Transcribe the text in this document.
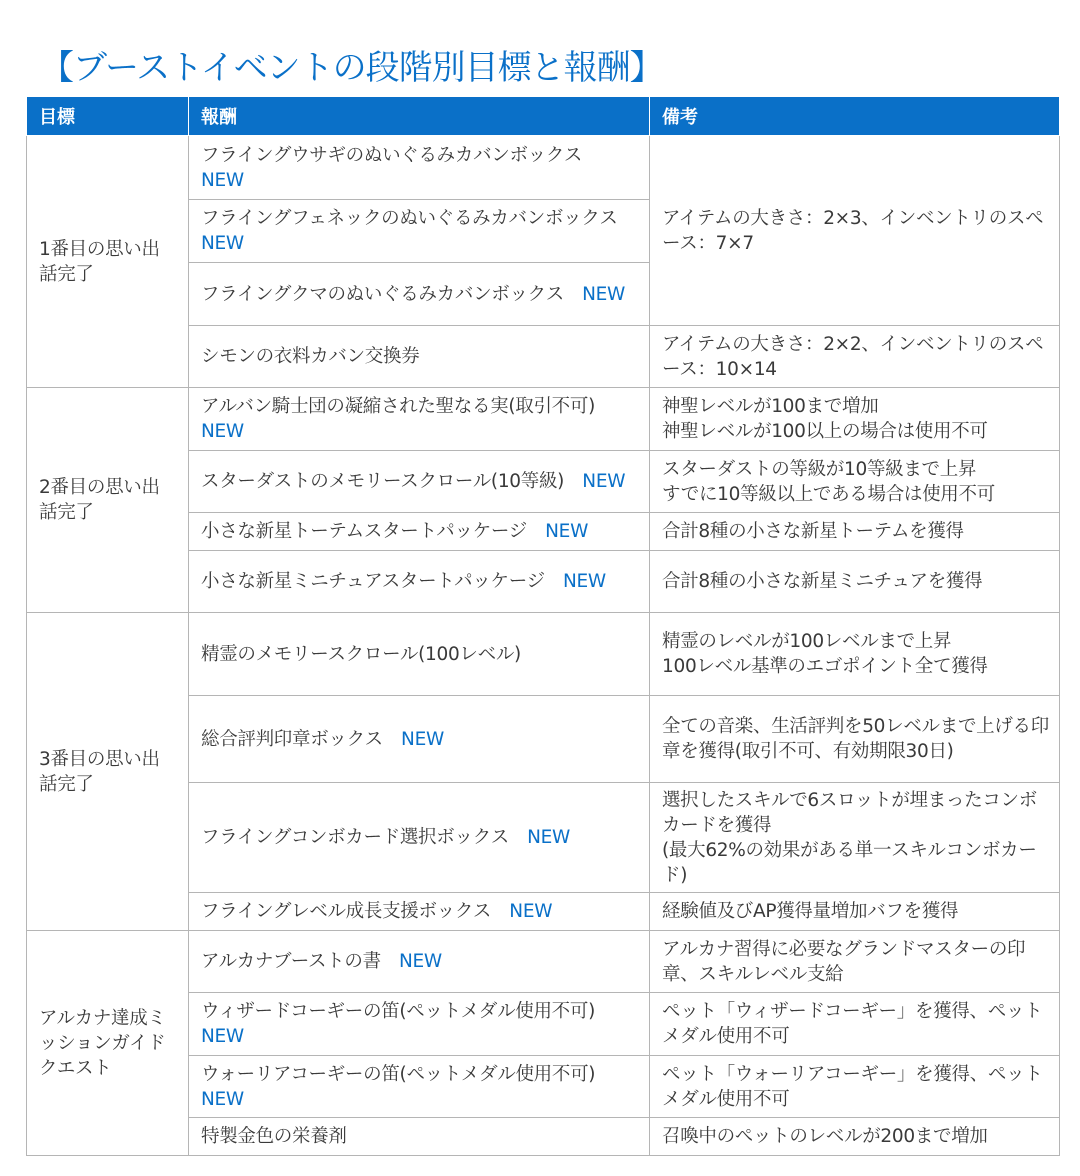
【ブーストイベントの段階別目標と報酬】
目標	報酬	備考
1番目の思い出話完了	フライングウサギのぬいぐるみカバンボックス　NEW	アイテムの大きさ：2×3、インベントリのスペース：7×7
	フライングフェネックのぬいぐるみカバンボックス　NEW	
	フライングクマのぬいぐるみカバンボックス　 NEW	
	シモンの衣料カバン交換券	アイテムの大きさ：2×2、インベントリのスペース：10×14
2番目の思い出話完了	アルバン騎士団の凝縮された聖なる実(取引不可)　NEW	神聖レベルが100まで増加
神聖レベルが100以上の場合は使用不可

	スターダストのメモリースクロール(10等級)　 NEW	スターダストの等級が10等級まで上昇
すでに10等級以上である場合は使用不可

	小さな新星トーテムスタートパッケージ　 NEW	合計8種の小さな新星トーテムを獲得
	小さな新星ミニチュアスタートパッケージ　 NEW	合計8種の小さな新星ミニチュアを獲得
3番目の思い出話完了	精霊のメモリースクロール(100レベル)	精霊のレベルが100レベルまで上昇
100レベル基準のエゴポイント全て獲得

	総合評判印章ボックス　 NEW	全ての音楽、生活評判を50レベルまで上げる印章を獲得(取引不可、有効期限30日)
	フライングコンボカード選択ボックス　 NEW	選択したスキルで6スロットが埋まったコンボカードを獲得
(最大62%の効果がある単一スキルコンボカード)

	フライングレベル成長支援ボックス　 NEW	経験値及びAP獲得量増加バフを獲得
アルカナ達成ミッションガイドクエスト	アルカナブーストの書　 NEW	アルカナ習得に必要なグランドマスターの印章、スキルレベル支給
	ウィザードコーギーの笛(ペットメダル使用不可)　NEW	ペット「ウィザードコーギー」を獲得、ペットメダル使用不可
	ウォーリアコーギーの笛(ペットメダル使用不可)　NEW	ペット「ウォーリアコーギー」を獲得、ペットメダル使用不可
	特製金色の栄養剤	召喚中のペットのレベルが200まで増加
